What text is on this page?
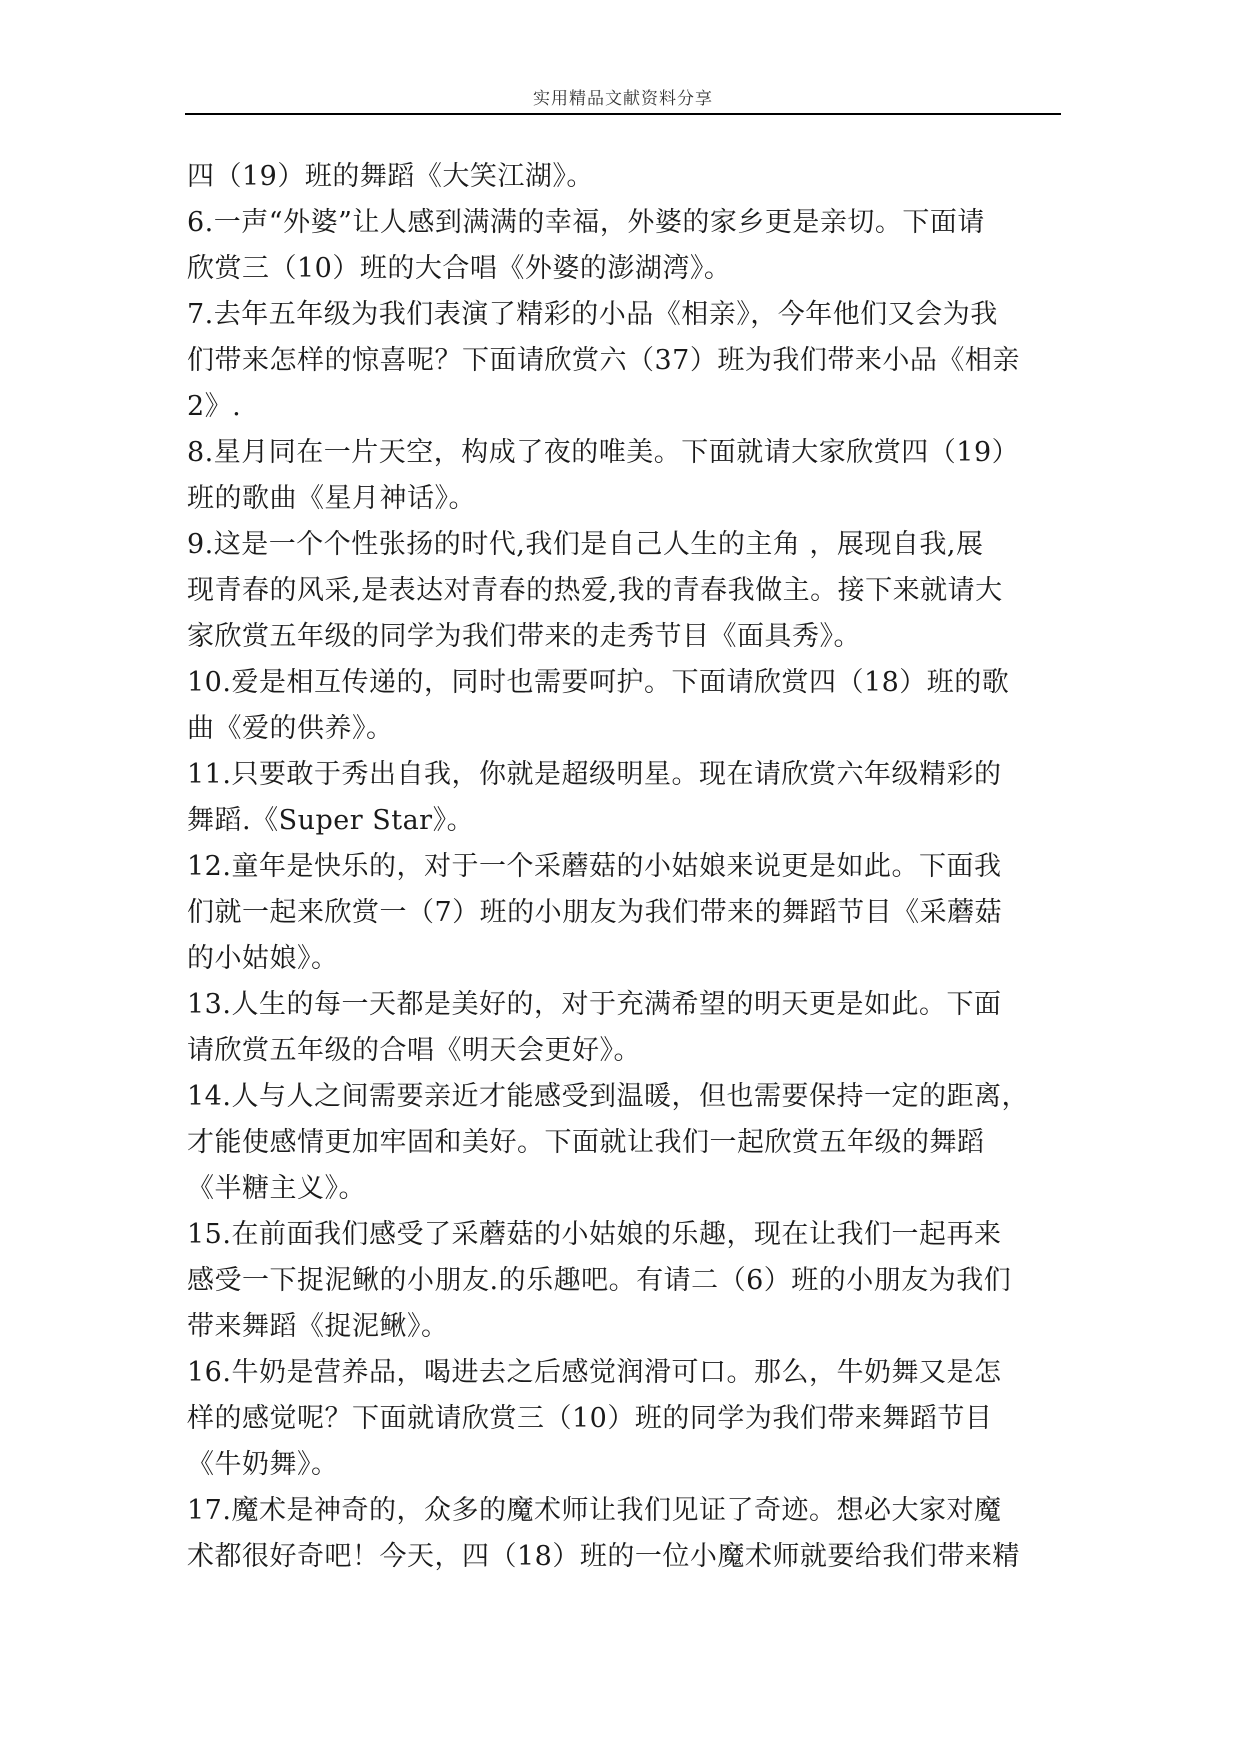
实用精品文献资料分享
四（19）班的舞蹈《大笑江湖》。
6.一声“外婆”让人感到满满的幸福，外婆的家乡更是亲切。下面请
欣赏三（10）班的大合唱《外婆的澎湖湾》。
7.去年五年级为我们表演了精彩的小品《相亲》，今年他们又会为我
们带来怎样的惊喜呢？下面请欣赏六（37）班为我们带来小品《相亲
2》.
8.星月同在一片天空，构成了夜的唯美。下面就请大家欣赏四（19）
班的歌曲《星月神话》。
9.这是一个个性张扬的时代,我们是自己人生的主角 ，展现自我,展
现青春的风采,是表达对青春的热爱,我的青春我做主。接下来就请大
家欣赏五年级的同学为我们带来的走秀节目《面具秀》。
10.爱是相互传递的，同时也需要呵护。下面请欣赏四（18）班的歌
曲《爱的供养》。
11.只要敢于秀出自我，你就是超级明星。现在请欣赏六年级精彩的
舞蹈.《Super Star》。
12.童年是快乐的，对于一个采蘑菇的小姑娘来说更是如此。下面我
们就一起来欣赏一（7）班的小朋友为我们带来的舞蹈节目《采蘑菇
的小姑娘》。
13.人生的每一天都是美好的，对于充满希望的明天更是如此。下面
请欣赏五年级的合唱《明天会更好》。
14.人与人之间需要亲近才能感受到温暖，但也需要保持一定的距离，
才能使感情更加牢固和美好。下面就让我们一起欣赏五年级的舞蹈
《半糖主义》。
15.在前面我们感受了采蘑菇的小姑娘的乐趣，现在让我们一起再来
感受一下捉泥鳅的小朋友.的乐趣吧。有请二（6）班的小朋友为我们
带来舞蹈《捉泥鳅》。
16.牛奶是营养品，喝进去之后感觉润滑可口。那么，牛奶舞又是怎
样的感觉呢？下面就请欣赏三（10）班的同学为我们带来舞蹈节目
《牛奶舞》。
17.魔术是神奇的，众多的魔术师让我们见证了奇迹。想必大家对魔
术都很好奇吧！今天，四（18）班的一位小魔术师就要给我们带来精
